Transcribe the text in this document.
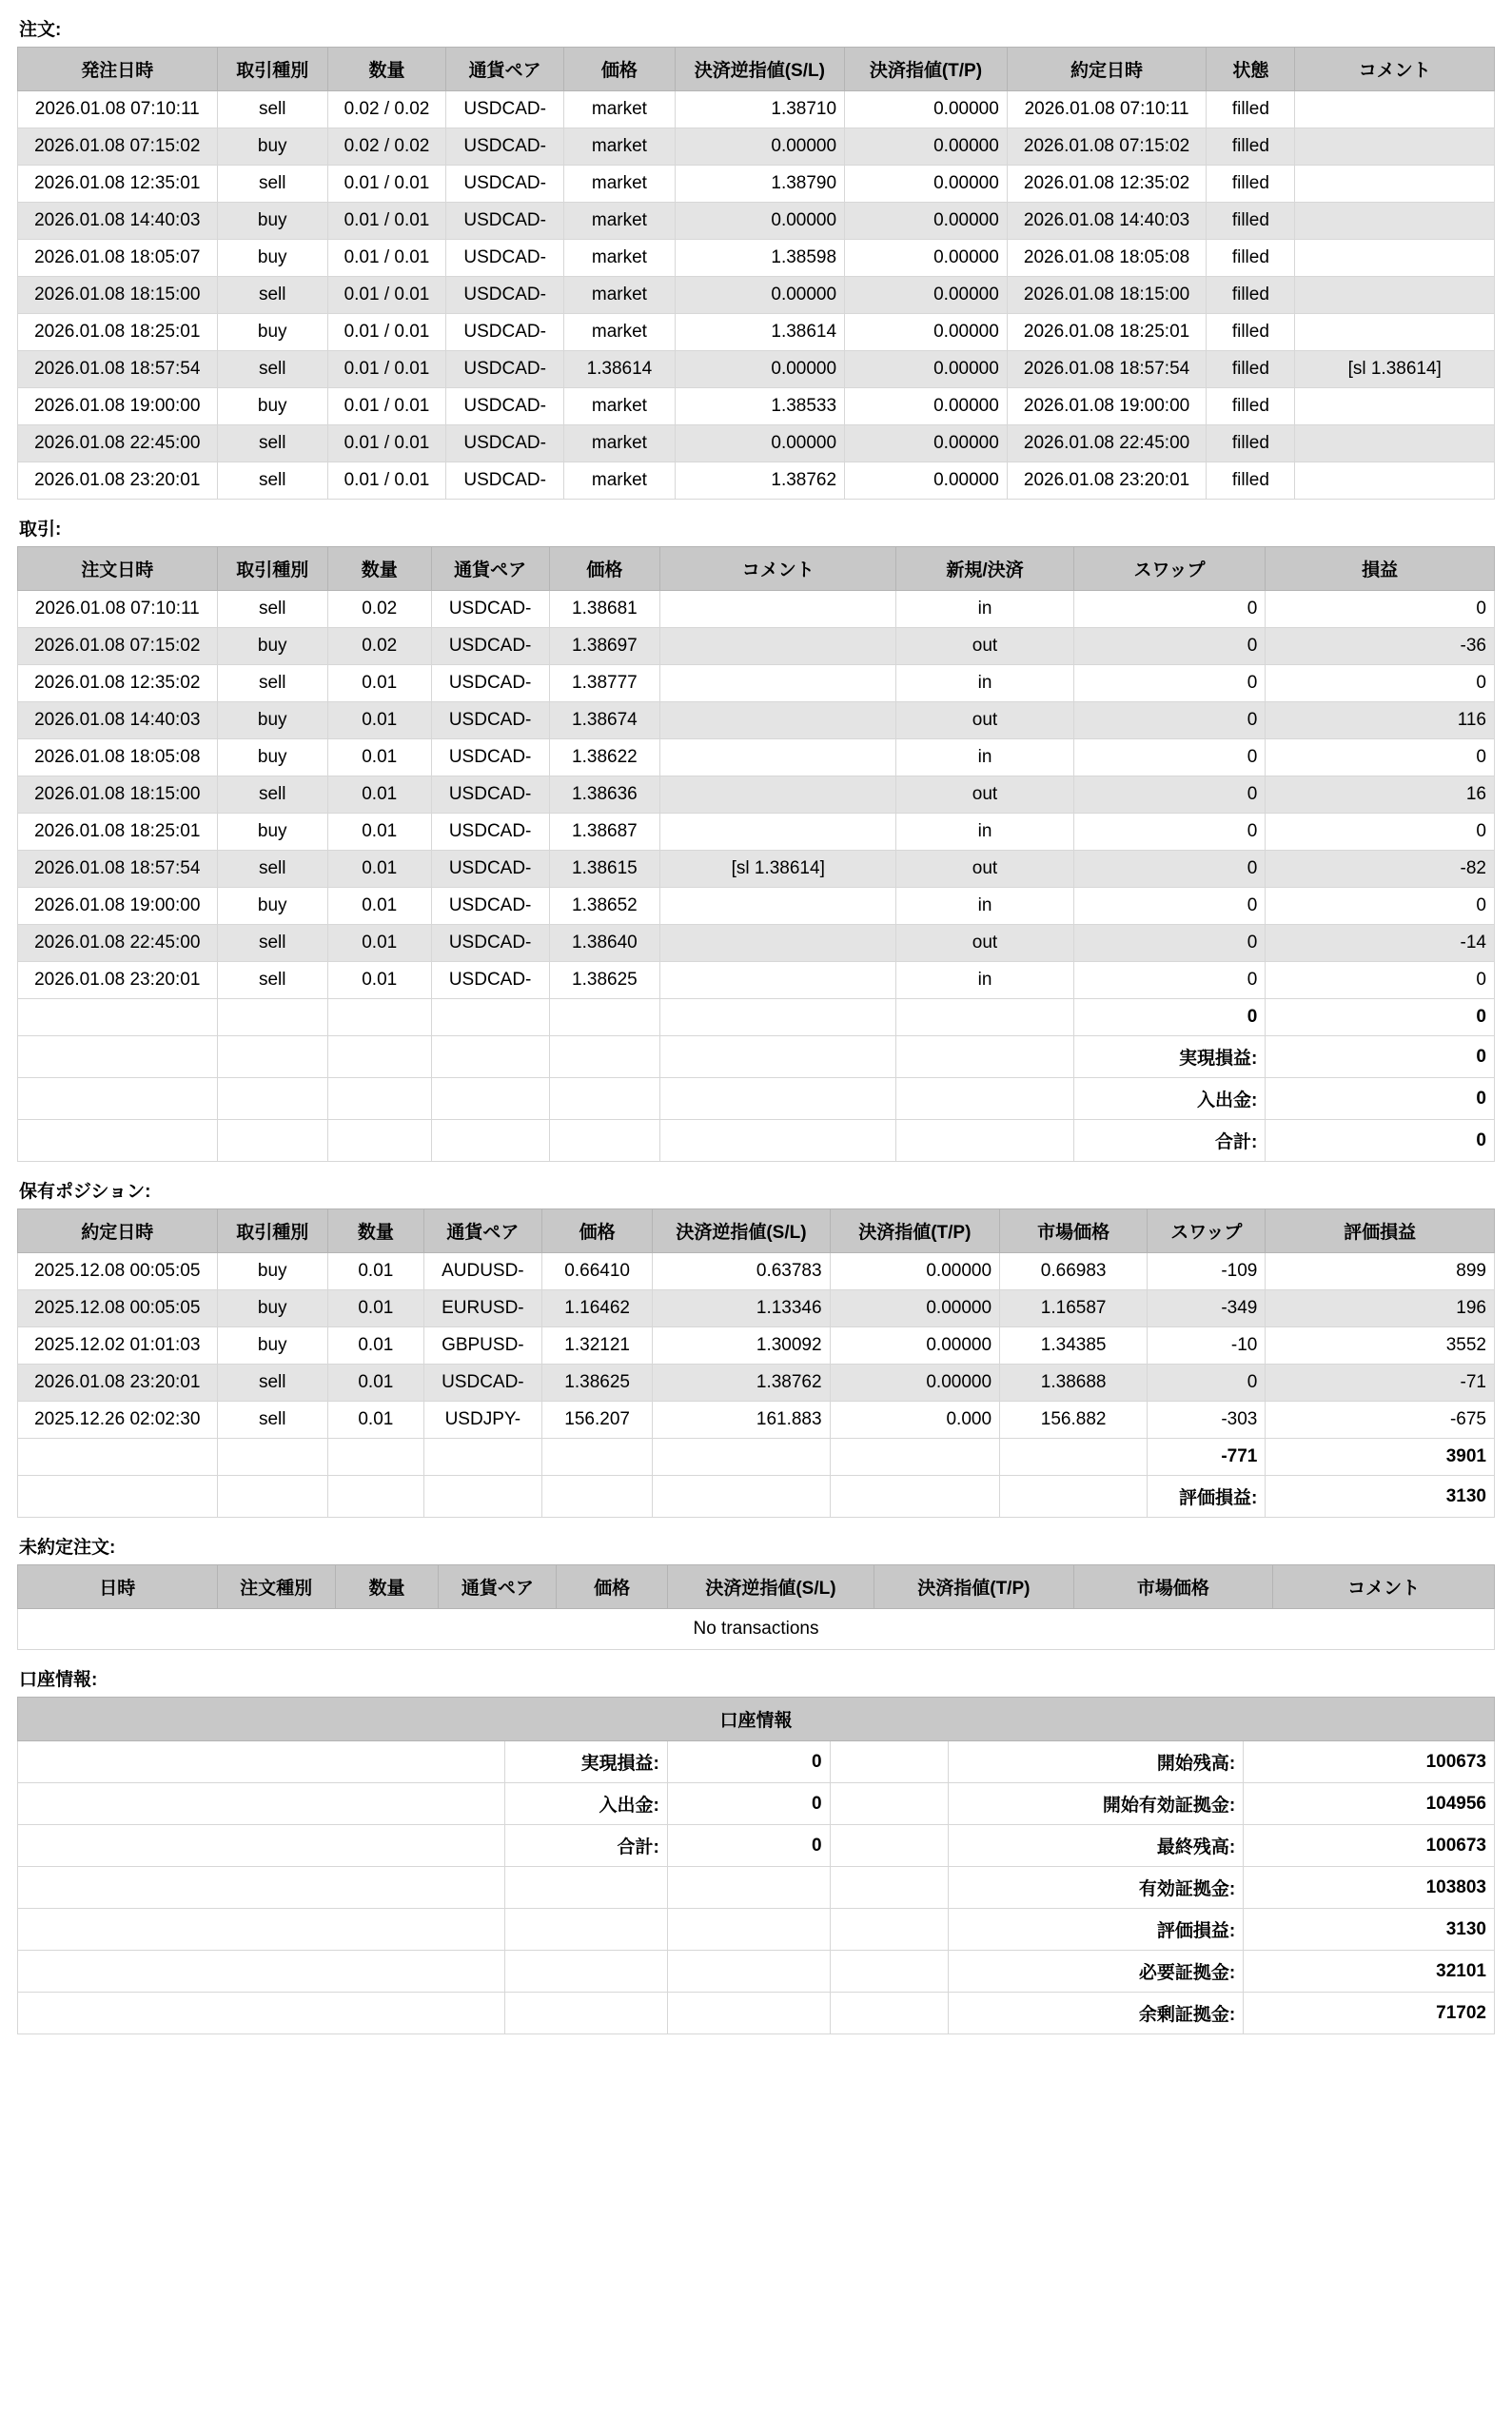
注文:
発注日時	取引種別	数量	通貨ペア	価格	決済逆指値(S/L)	決済指値(T/P)	約定日時	状態	コメント
2026.01.08 07:10:11	sell	0.02 / 0.02	USDCAD-	market	1.38710	0.00000	2026.01.08 07:10:11	filled	
2026.01.08 07:15:02	buy	0.02 / 0.02	USDCAD-	market	0.00000	0.00000	2026.01.08 07:15:02	filled	
2026.01.08 12:35:01	sell	0.01 / 0.01	USDCAD-	market	1.38790	0.00000	2026.01.08 12:35:02	filled	
2026.01.08 14:40:03	buy	0.01 / 0.01	USDCAD-	market	0.00000	0.00000	2026.01.08 14:40:03	filled	
2026.01.08 18:05:07	buy	0.01 / 0.01	USDCAD-	market	1.38598	0.00000	2026.01.08 18:05:08	filled	
2026.01.08 18:15:00	sell	0.01 / 0.01	USDCAD-	market	0.00000	0.00000	2026.01.08 18:15:00	filled	
2026.01.08 18:25:01	buy	0.01 / 0.01	USDCAD-	market	1.38614	0.00000	2026.01.08 18:25:01	filled	
2026.01.08 18:57:54	sell	0.01 / 0.01	USDCAD-	1.38614	0.00000	0.00000	2026.01.08 18:57:54	filled	[sl 1.38614]
2026.01.08 19:00:00	buy	0.01 / 0.01	USDCAD-	market	1.38533	0.00000	2026.01.08 19:00:00	filled	
2026.01.08 22:45:00	sell	0.01 / 0.01	USDCAD-	market	0.00000	0.00000	2026.01.08 22:45:00	filled	
2026.01.08 23:20:01	sell	0.01 / 0.01	USDCAD-	market	1.38762	0.00000	2026.01.08 23:20:01	filled	
取引:
注文日時	取引種別	数量	通貨ペア	価格	コメント	新規/決済	スワップ	損益
2026.01.08 07:10:11	sell	0.02	USDCAD-	1.38681		in	0	0
2026.01.08 07:15:02	buy	0.02	USDCAD-	1.38697		out	0	-36
2026.01.08 12:35:02	sell	0.01	USDCAD-	1.38777		in	0	0
2026.01.08 14:40:03	buy	0.01	USDCAD-	1.38674		out	0	116
2026.01.08 18:05:08	buy	0.01	USDCAD-	1.38622		in	0	0
2026.01.08 18:15:00	sell	0.01	USDCAD-	1.38636		out	0	16
2026.01.08 18:25:01	buy	0.01	USDCAD-	1.38687		in	0	0
2026.01.08 18:57:54	sell	0.01	USDCAD-	1.38615	[sl 1.38614]	out	0	-82
2026.01.08 19:00:00	buy	0.01	USDCAD-	1.38652		in	0	0
2026.01.08 22:45:00	sell	0.01	USDCAD-	1.38640		out	0	-14
2026.01.08 23:20:01	sell	0.01	USDCAD-	1.38625		in	0	0
							0	0
							実現損益:	0
							入出金:	0
							合計:	0
保有ポジション:
約定日時	取引種別	数量	通貨ペア	価格	決済逆指値(S/L)	決済指値(T/P)	市場価格	スワップ	評価損益
2025.12.08 00:05:05	buy	0.01	AUDUSD-	0.66410	0.63783	0.00000	0.66983	-109	899
2025.12.08 00:05:05	buy	0.01	EURUSD-	1.16462	1.13346	0.00000	1.16587	-349	196
2025.12.02 01:01:03	buy	0.01	GBPUSD-	1.32121	1.30092	0.00000	1.34385	-10	3552
2026.01.08 23:20:01	sell	0.01	USDCAD-	1.38625	1.38762	0.00000	1.38688	0	-71
2025.12.26 02:02:30	sell	0.01	USDJPY-	156.207	161.883	0.000	156.882	-303	-675
								-771	3901
								評価損益:	3130
未約定注文:
日時	注文種別	数量	通貨ペア	価格	決済逆指値(S/L)	決済指値(T/P)	市場価格	コメント
No transactions
口座情報:
口座情報					
	実現損益:	0		開始残高:	100673
	入出金:	0		開始有効証拠金:	104956
	合計:	0		最終残高:	100673
				有効証拠金:	103803
				評価損益:	3130
				必要証拠金:	32101
				余剰証拠金:	71702
